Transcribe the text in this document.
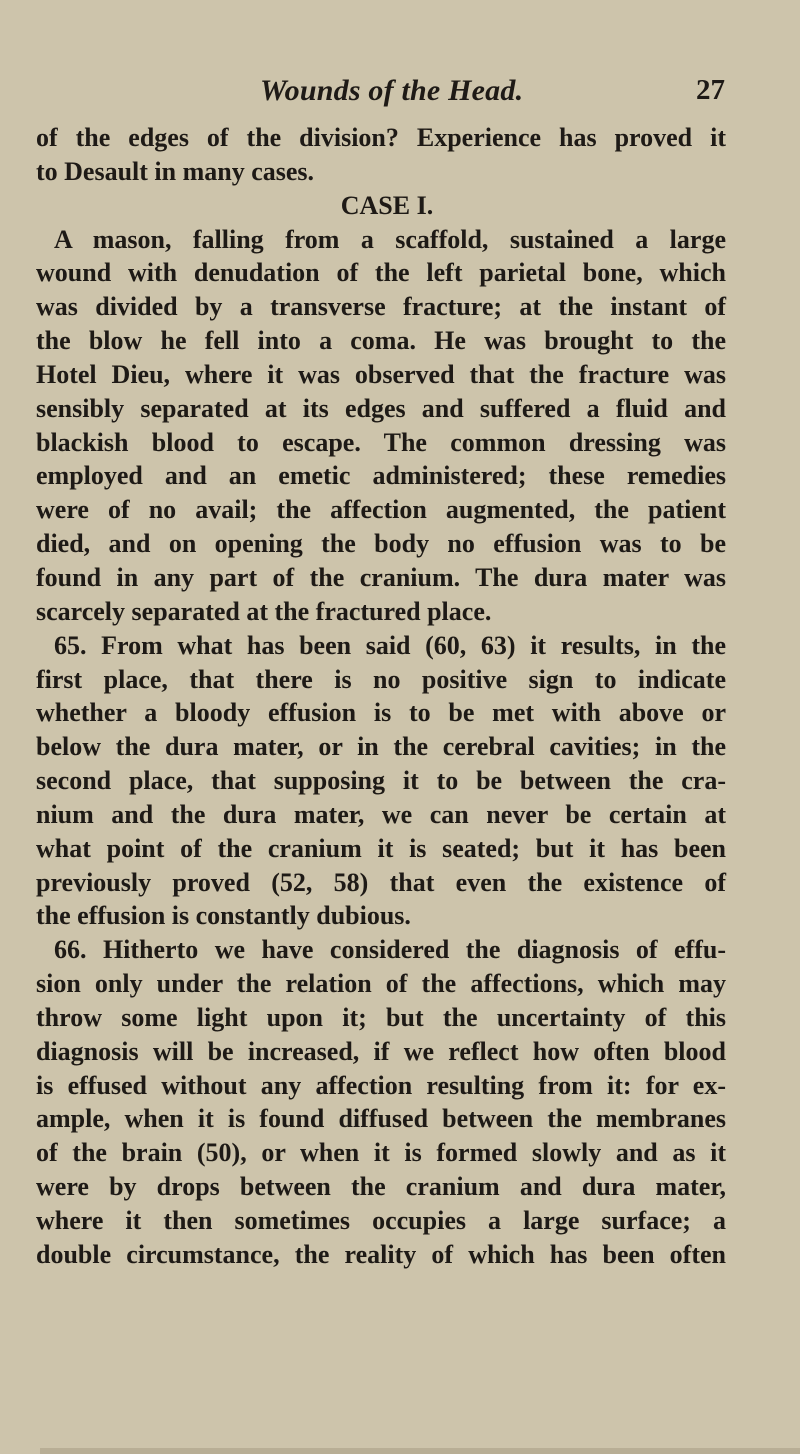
Wounds of the Head.	27
of the edges of the division? Experience has proved it
to Desault in many cases.
CASE I.
A mason, falling from a scaffold, sustained a large
wound with denudation of the left parietal bone, which
was divided by a transverse fracture; at the instant of
the blow he fell into a coma. He was brought to the
Hotel Dieu, where it was observed that the fracture was
sensibly separated at its edges and suffered a fluid and
blackish blood to escape. The common dressing was
employed and an emetic administered; these remedies
were of no avail; the affection augmented, the patient
died, and on opening the body no effusion was to be
found in any part of the cranium. The dura mater was
scarcely separated at the fractured place.
65. From what has been said (60, 63) it results, in the
first place, that there is no positive sign to indicate
whether a bloody effusion is to be met with above or
below the dura mater, or in the cerebral cavities; in the
second place, that supposing it to be between the cra-
nium and the dura mater, we can never be certain at
what point of the cranium it is seated; but it has been
previously proved (52, 58) that even the existence of
the effusion is constantly dubious.
66. Hitherto we have considered the diagnosis of effu-
sion only under the relation of the affections, which may
throw some light upon it; but the uncertainty of this
diagnosis will be increased, if we reflect how often blood
is effused without any affection resulting from it: for ex-
ample, when it is found diffused between the membranes
of the brain (50), or when it is formed slowly and as it
were by drops between the cranium and dura mater,
where it then sometimes occupies a large surface; a
double circumstance, the reality of which has been often
